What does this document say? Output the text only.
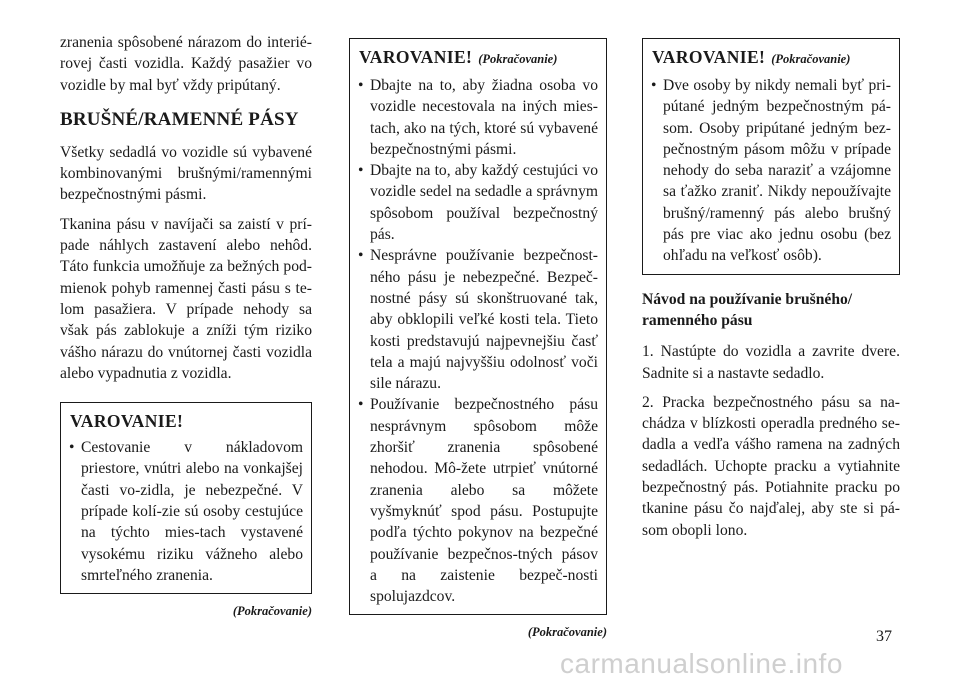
zranenia spôsobené nárazom do interié-rovej časti vozidla. Každý pasažier vo vozidle by mal byť vždy pripútaný.

BRUŠNÉ/RAMENNÉ PÁSY

Všetky sedadlá vo vozidle sú vybavené kombinovanými brušnými/ramennými bezpečnostnými pásmi.

Tkanina pásu v navíjači sa zaistí v prí-pade náhlych zastavení alebo nehôd. Táto funkcia umožňuje za bežných pod-mienok pohyb ramennej časti pásu s te-lom pasažiera. V prípade nehody sa však pás zablokuje a zníži tým riziko vášho nárazu do vnútornej časti vozidla alebo vypadnutia z vozidla.

VAROVANIE!
• Cestovanie v nákladovom priestore, vnútri alebo na vonkajšej časti vo-zidla, je nebezpečné. V prípade kolí-zie sú osoby cestujúce na týchto mies-tach vystavené vysokému riziku vážneho alebo smrteľného zranenia.
(Pokračovanie)
VAROVANIE! (Pokračovanie)
• Dbajte na to, aby žiadna osoba vo vozidle necestovala na iných mies-tach, ako na tých, ktoré sú vybavené bezpečnostnými pásmi.
• Dbajte na to, aby každý cestujúci vo vozidle sedel na sedadle a správnym spôsobom používal bezpečnostný pás.
• Nesprávne používanie bezpečnost-ného pásu je nebezpečné. Bezpeč-nostné pásy sú skonštruované tak, aby obklopili veľké kosti tela. Tieto kosti predstavujú najpevnejšiu časť tela a majú najvyššiu odolnosť voči sile nárazu.
• Používanie bezpečnostného pásu nesprávnym spôsobom môže zhoršiť zranenia spôsobené nehodou. Mô-žete utrpieť vnútorné zranenia alebo sa môžete vyšmyknúť spod pásu. Postupujte podľa týchto pokynov na bezpečné používanie bezpečnos-tných pásov a na zaistenie bezpeč-nosti spolujazdcov.
(Pokračovanie)
VAROVANIE! (Pokračovanie)
• Dve osoby by nikdy nemali byť pri-pútané jedným bezpečnostným pá-som. Osoby pripútané jedným bez-pečnostným pásom môžu v prípade nehody do seba naraziť a vzájomne sa ťažko zraniť. Nikdy nepoužívajte brušný/ramenný pás alebo brušný pás pre viac ako jednu osobu (bez ohľadu na veľkosť osôb).
Návod na používanie brušného/ ramenného pásu

1. Nastúpte do vozidla a zavrite dvere. Sadnite si a nastavte sedadlo.

2. Pracka bezpečnostného pásu sa na-chádza v blízkosti operadla predného se-dadla a vedľa vášho ramena na zadných sedadlách. Uchopte pracku a vytiahnite bezpečnostný pás. Potiahnite pracku po tkanine pásu čo najďalej, aby ste si pá-som obopli lono.

37
carmanualsonline.info
